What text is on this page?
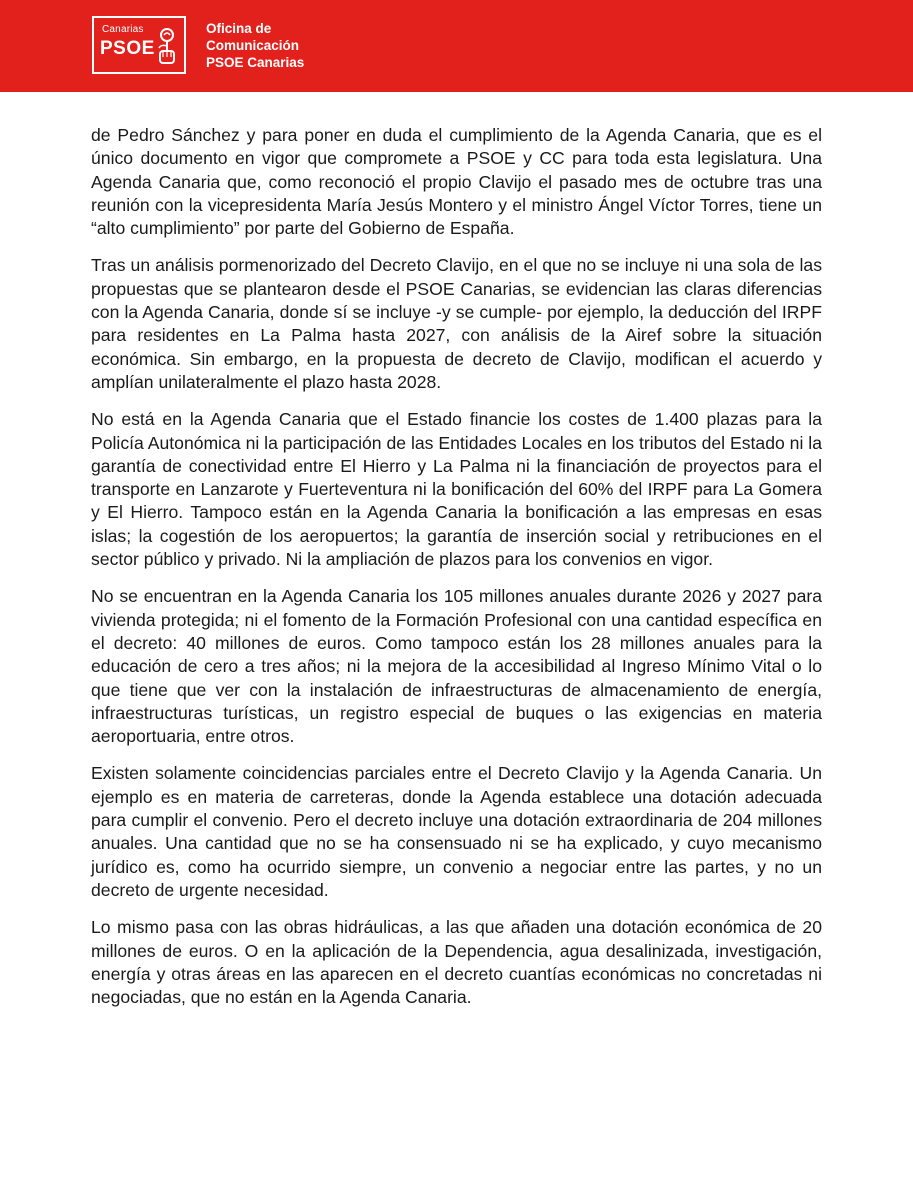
Canarias
PSOE
Oficina de
Comunicación
PSOE Canarias

de Pedro Sánchez y para poner en duda el cumplimiento de la Agenda Canaria, que es el único documento en vigor que compromete a PSOE y CC para toda esta legislatura. Una Agenda Canaria que, como reconoció el propio Clavijo el pasado mes de octubre tras una reunión con la vicepresidenta María Jesús Montero y el ministro Ángel Víctor Torres, tiene un “alto cumplimiento” por parte del Gobierno de España.

Tras un análisis pormenorizado del Decreto Clavijo, en el que no se incluye ni una sola de las propuestas que se plantearon desde el PSOE Canarias, se evidencian las claras diferencias con la Agenda Canaria, donde sí se incluye -y se cumple- por ejemplo, la deducción del IRPF para residentes en La Palma hasta 2027, con análisis de la Airef sobre la situación económica. Sin embargo, en la propuesta de decreto de Clavijo, modifican el acuerdo y amplían unilateralmente el plazo hasta 2028.

No está en la Agenda Canaria que el Estado financie los costes de 1.400 plazas para la Policía Autonómica ni la participación de las Entidades Locales en los tributos del Estado ni la garantía de conectividad entre El Hierro y La Palma ni la financiación de proyectos para el transporte en Lanzarote y Fuerteventura ni la bonificación del 60% del IRPF para La Gomera y El Hierro. Tampoco están en la Agenda Canaria la bonificación a las empresas en esas islas; la cogestión de los aeropuertos; la garantía de inserción social y retribuciones en el sector público y privado. Ni la ampliación de plazos para los convenios en vigor.

No se encuentran en la Agenda Canaria los 105 millones anuales durante 2026 y 2027 para vivienda protegida; ni el fomento de la Formación Profesional con una cantidad específica en el decreto: 40 millones de euros. Como tampoco están los 28 millones anuales para la educación de cero a tres años; ni la mejora de la accesibilidad al Ingreso Mínimo Vital o lo que tiene que ver con la instalación de infraestructuras de almacenamiento de energía, infraestructuras turísticas, un registro especial de buques o las exigencias en materia aeroportuaria, entre otros.

Existen solamente coincidencias parciales entre el Decreto Clavijo y la Agenda Canaria. Un ejemplo es en materia de carreteras, donde la Agenda establece una dotación adecuada para cumplir el convenio. Pero el decreto incluye una dotación extraordinaria de 204 millones anuales. Una cantidad que no se ha consensuado ni se ha explicado, y cuyo mecanismo jurídico es, como ha ocurrido siempre, un convenio a negociar entre las partes, y no un decreto de urgente necesidad.

Lo mismo pasa con las obras hidráulicas, a las que añaden una dotación económica de 20 millones de euros. O en la aplicación de la Dependencia, agua desalinizada, investigación, energía y otras áreas en las aparecen en el decreto cuantías económicas no concretadas ni negociadas, que no están en la Agenda Canaria.
